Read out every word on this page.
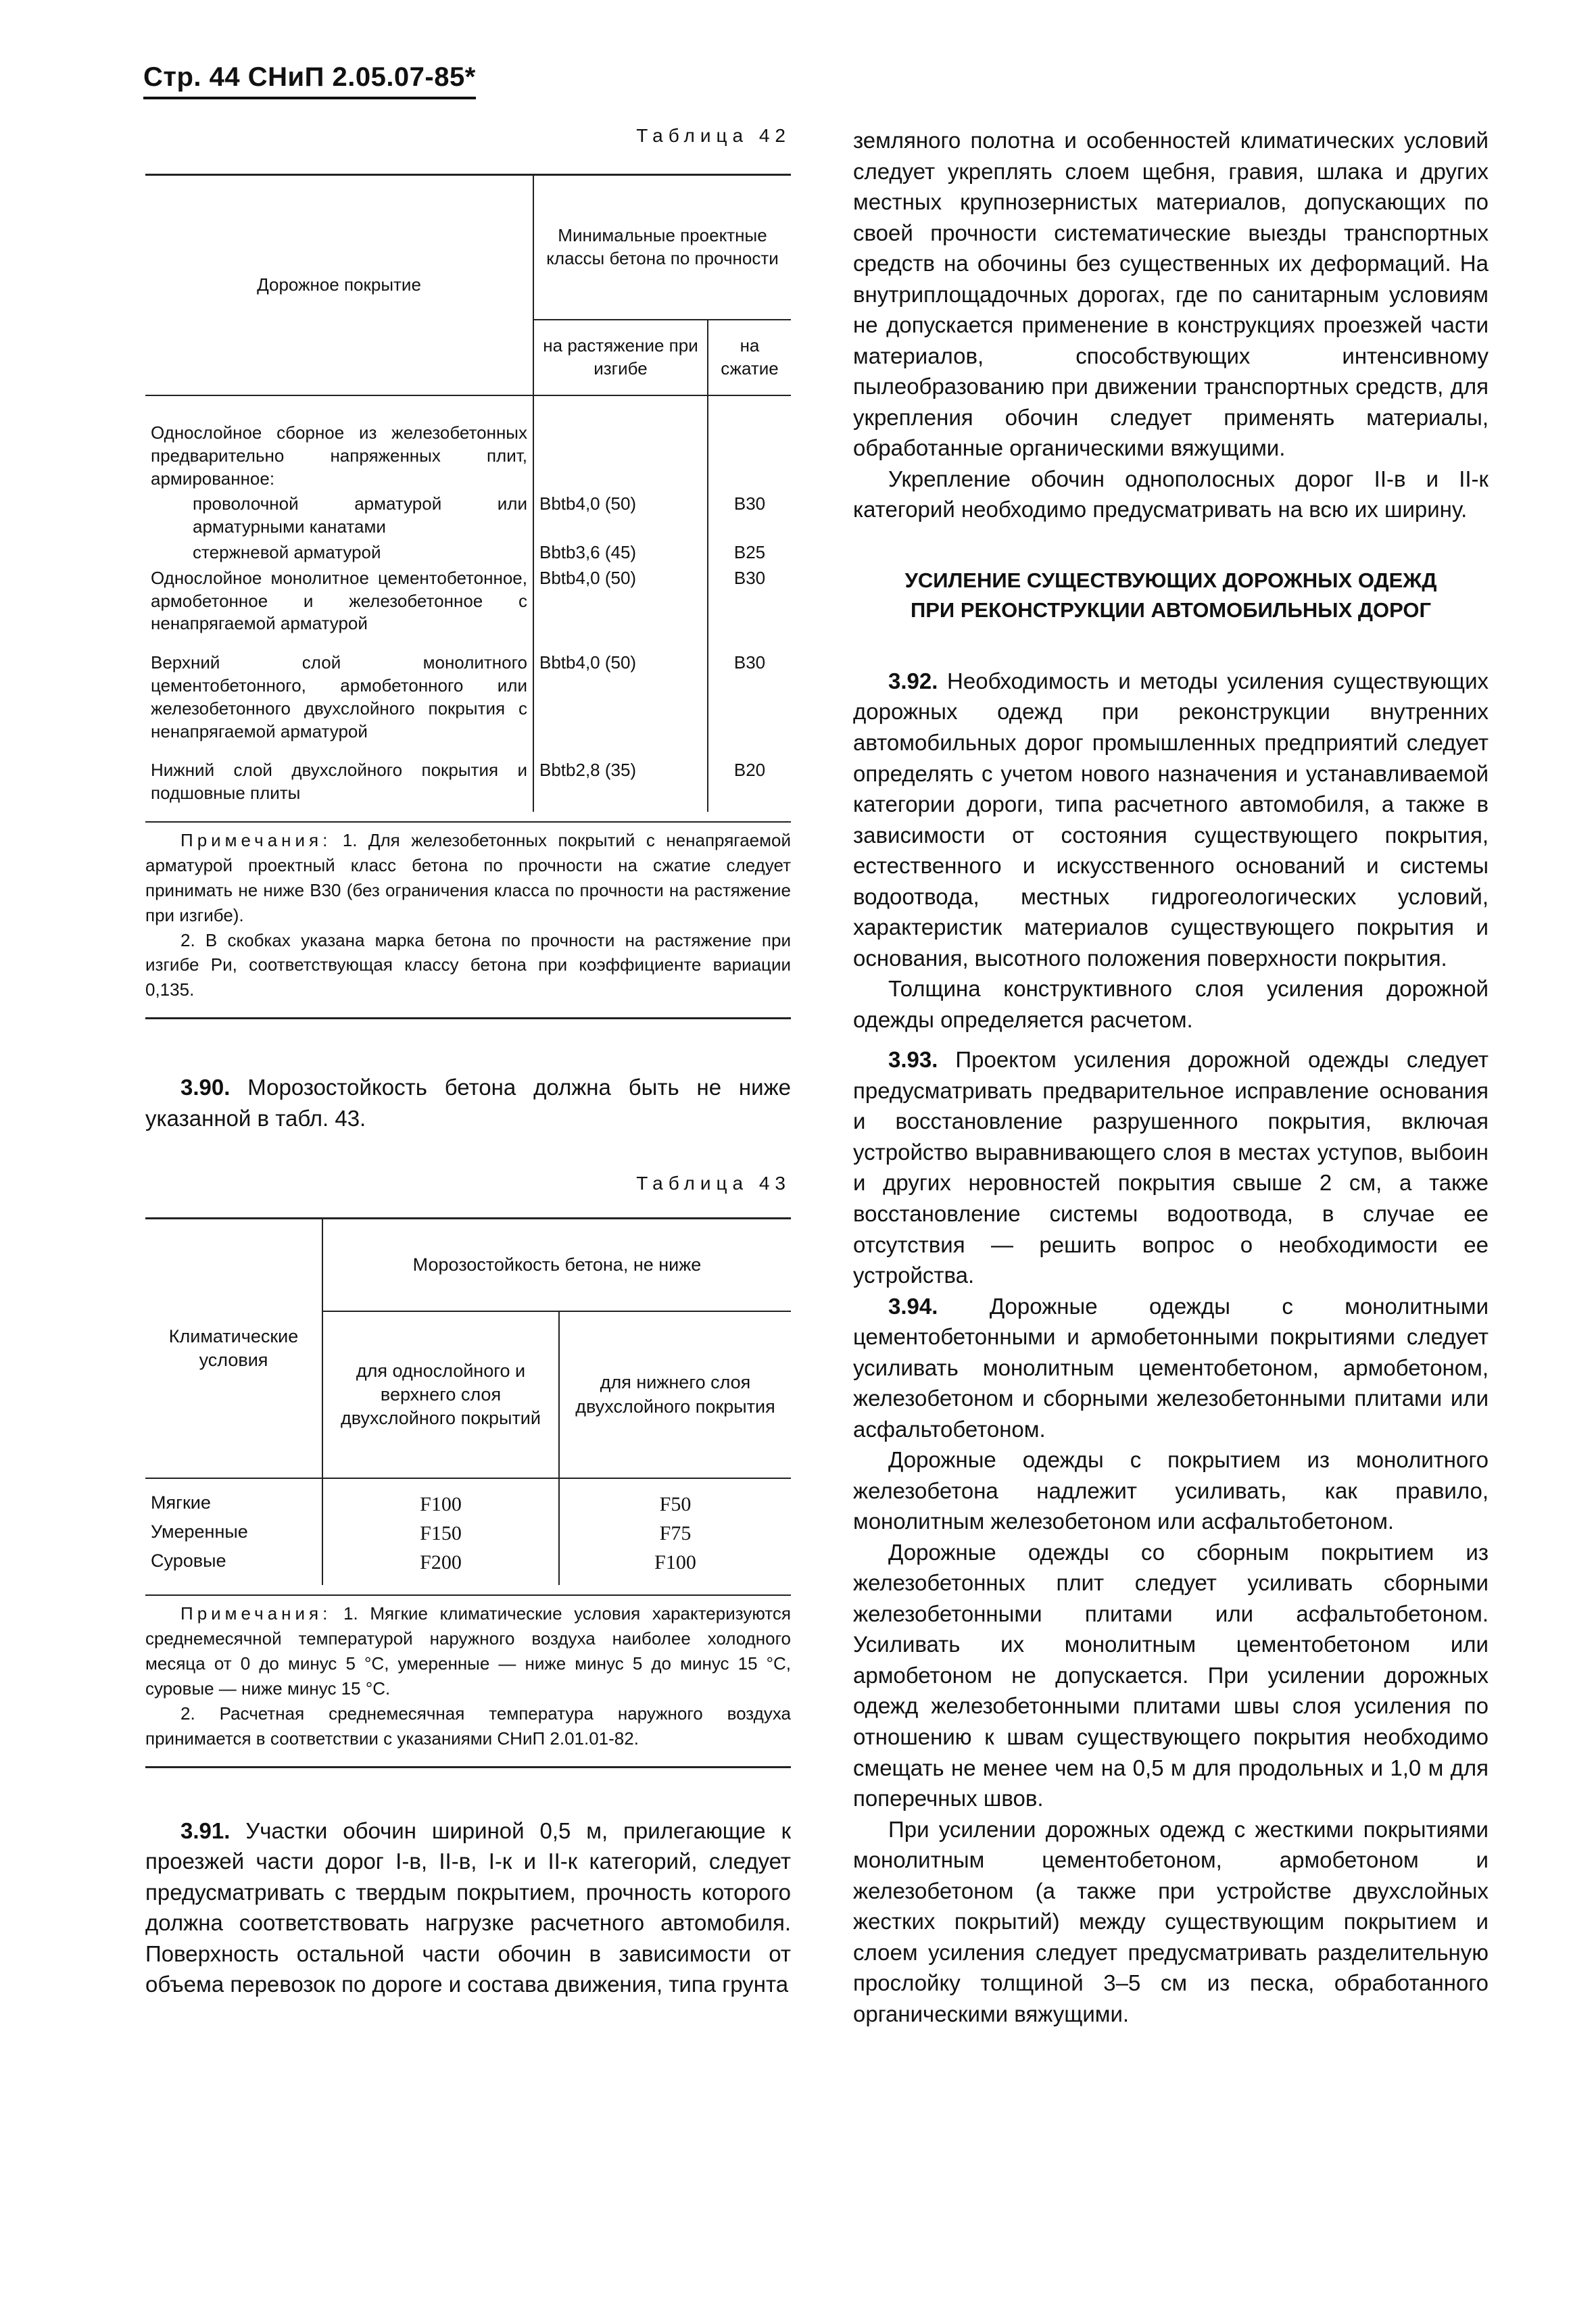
Стр. 44 СНиП 2.05.07-85*
Таблица 42
Дорожное покрытие	Минимальные проектные классы бетона по прочности	
	на растяжение при изгибе	на сжатие
Однослойное сборное из железобетонных предварительно напряженных плит, армированное:		
проволочной арматурой или арматурными канатами	Bbtb4,0 (50)	B30
стержневой арматурой	Bbtb3,6 (45)	B25
Однослойное монолитное цементобетонное, армобетонное и железобетонное с ненапрягаемой арматурой	Bbtb4,0 (50)	B30
Верхний слой монолитного цементобетонного, армобетонного или железобетонного двухслойного покрытия с ненапрягаемой арматурой	Bbtb4,0 (50)	B30
Нижний слой двухслойного покрытия и подшовные плиты	Bbtb2,8 (35)	B20

Примечания: 1. Для железобетонных покрытий с ненапрягаемой арматурой проектный класс бетона по прочности на сжатие следует принимать не ниже В30 (без ограничения класса по прочности на растяжение при изгибе).

2. В скобках указана марка бетона по прочности на растяжение при изгибе Ри, соответствующая классу бетона при коэффициенте вариации 0,135.

3.90. Морозостойкость бетона должна быть не ниже указанной в табл. 43.

Таблица 43
Климатические условия	Морозостойкость бетона, не ниже	
	для однослойного и верхнего слоя двухслойного покрытий	для нижнего слоя двухслойного покрытия
Мягкие	F100	F50
Умеренные	F150	F75
Суровые	F200	F100

Примечания: 1. Мягкие климатические условия характеризуются среднемесячной температурой наружного воздуха наиболее холодного месяца от 0 до минус 5 °С, умеренные — ниже минус 5 до минус 15 °С, суровые — ниже минус 15 °С.

2. Расчетная среднемесячная температура наружного воздуха принимается в соответствии с указаниями СНиП 2.01.01-82.

3.91. Участки обочин шириной 0,5 м, прилегающие к проезжей части дорог I-в, II-в, I-к и II-к категорий, следует предусматривать с твердым покрытием, прочность которого должна соответствовать нагрузке расчетного автомобиля. Поверхность остальной части обочин в зависимости от объема перевозок по дороге и состава движения, типа грунта

земляного полотна и особенностей климатических условий следует укреплять слоем щебня, гравия, шлака и других местных крупнозернистых материалов, допускающих по своей прочности систематические выезды транспортных средств на обочины без существенных их деформаций. На внутриплощадочных дорогах, где по санитарным условиям не допускается применение в конструкциях проезжей части материалов, способствующих интенсивному пылеобразованию при движении транспортных средств, для укрепления обочин следует применять материалы, обработанные органическими вяжущими.

Укрепление обочин однополосных дорог II-в и II-к категорий необходимо предусматривать на всю их ширину.

УСИЛЕНИЕ СУЩЕСТВУЮЩИХ ДОРОЖНЫХ ОДЕЖД

ПРИ РЕКОНСТРУКЦИИ АВТОМОБИЛЬНЫХ ДОРОГ

3.92. Необходимость и методы усиления существующих дорожных одежд при реконструкции внутренних автомобильных дорог промышленных предприятий следует определять с учетом нового назначения и устанавливаемой категории дороги, типа расчетного автомобиля, а также в зависимости от состояния существующего покрытия, естественного и искусственного оснований и системы водоотвода, местных гидрогеологических условий, характеристик материалов существующего покрытия и основания, высотного положения поверхности покрытия.

Толщина конструктивного слоя усиления дорожной одежды определяется расчетом.

3.93. Проектом усиления дорожной одежды следует предусматривать предварительное исправление основания и восстановление разрушенного покрытия, включая устройство выравнивающего слоя в местах уступов, выбоин и других неровностей покрытия свыше 2 см, а также восстановление системы водоотвода, в случае ее отсутствия — решить вопрос о необходимости ее устройства.

3.94. Дорожные одежды с монолитными цементобетонными и армобетонными покрытиями следует усиливать монолитным цементобетоном, армобетоном, железобетоном и сборными железобетонными плитами или асфальтобетоном.

Дорожные одежды с покрытием из монолитного железобетона надлежит усиливать, как правило, монолитным железобетоном или асфальтобетоном.

Дорожные одежды со сборным покрытием из железобетонных плит следует усиливать сборными железобетонными плитами или асфальтобетоном. Усиливать их монолитным цементобетоном или армобетоном не допускается. При усилении дорожных одежд железобетонными плитами швы слоя усиления по отношению к швам существующего покрытия необходимо смещать не менее чем на 0,5 м для продольных и 1,0 м для поперечных швов.

При усилении дорожных одежд с жесткими покрытиями монолитным цементобетоном, армобетоном и железобетоном (а также при устройстве двухслойных жестких покрытий) между существующим покрытием и слоем усиления следует предусматривать разделительную прослойку толщиной 3–5 см из песка, обработанного органическими вяжущими.
